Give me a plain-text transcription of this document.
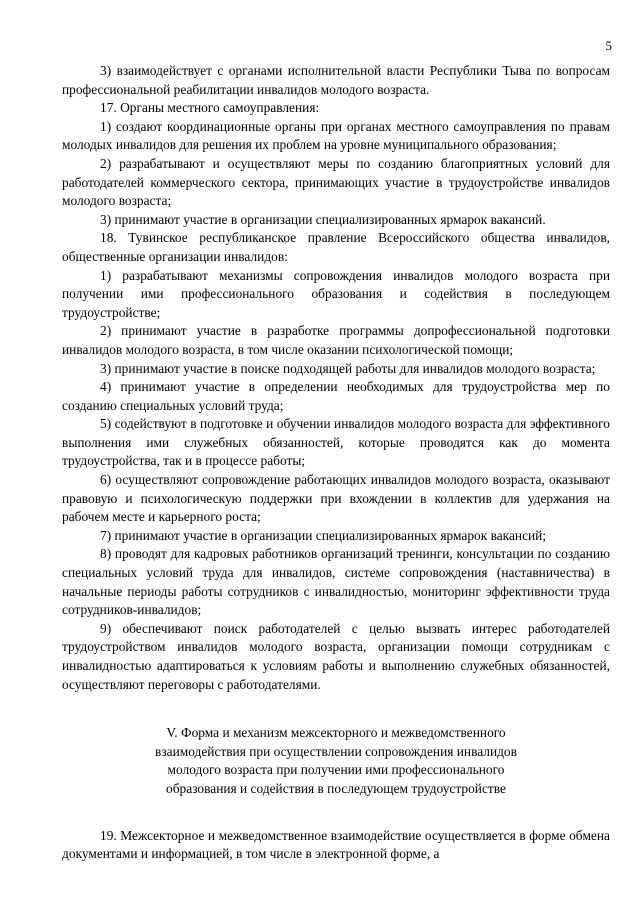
5

3) взаимодействует с органами исполнительной власти Республики Тыва по вопросам профессиональной реабилитации инвалидов молодого возраста.

17. Органы местного самоуправления:

1) создают координационные органы при органах местного самоуправления по правам молодых инвалидов для решения их проблем на уровне муниципального образования;

2) разрабатывают и осуществляют меры по созданию благоприятных условий для работодателей коммерческого сектора, принимающих участие в трудоустройстве инвалидов молодого возраста;

3) принимают участие в организации специализированных ярмарок вакансий.

18. Тувинское республиканское правление Всероссийского общества инвалидов, общественные организации инвалидов:

1) разрабатывают механизмы сопровождения инвалидов молодого возраста при получении ими профессионального образования и содействия в последующем трудоустройстве;

2) принимают участие в разработке программы допрофессиональной подготовки инвалидов молодого возраста, в том числе оказании психологической помощи;

3) принимают участие в поиске подходящей работы для инвалидов молодого возраста;

4) принимают участие в определении необходимых для трудоустройства мер по созданию специальных условий труда;

5) содействуют в подготовке и обучении инвалидов молодого возраста для эффективного выполнения ими служебных обязанностей, которые проводятся как до момента трудоустройства, так и в процессе работы;

6) осуществляют сопровождение работающих инвалидов молодого возраста, оказывают правовую и психологическую поддержки при вхождении в коллектив для удержания на рабочем месте и карьерного роста;

7) принимают участие в организации специализированных ярмарок вакансий;

8) проводят для кадровых работников организаций тренинги, консультации по созданию специальных условий труда для инвалидов, системе сопровождения (наставничества) в начальные периоды работы сотрудников с инвалидностью, мониторинг эффективности труда сотрудников-инвалидов;

9) обеспечивают поиск работодателей с целью вызвать интерес работодателей трудоустройством инвалидов молодого возраста, организации помощи сотрудникам с инвалидностью адаптироваться к условиям работы и выполнению служебных обязанностей, осуществляют переговоры с работодателями.

V. Форма и механизм межсекторного и межведомственного
взаимодействия при осуществлении сопровождения инвалидов
молодого возраста при получении ими профессионального
образования и содействия в последующем трудоустройстве

19. Межсекторное и межведомственное взаимодействие осуществляется в форме обмена документами и информацией, в том числе в электронной форме, а
